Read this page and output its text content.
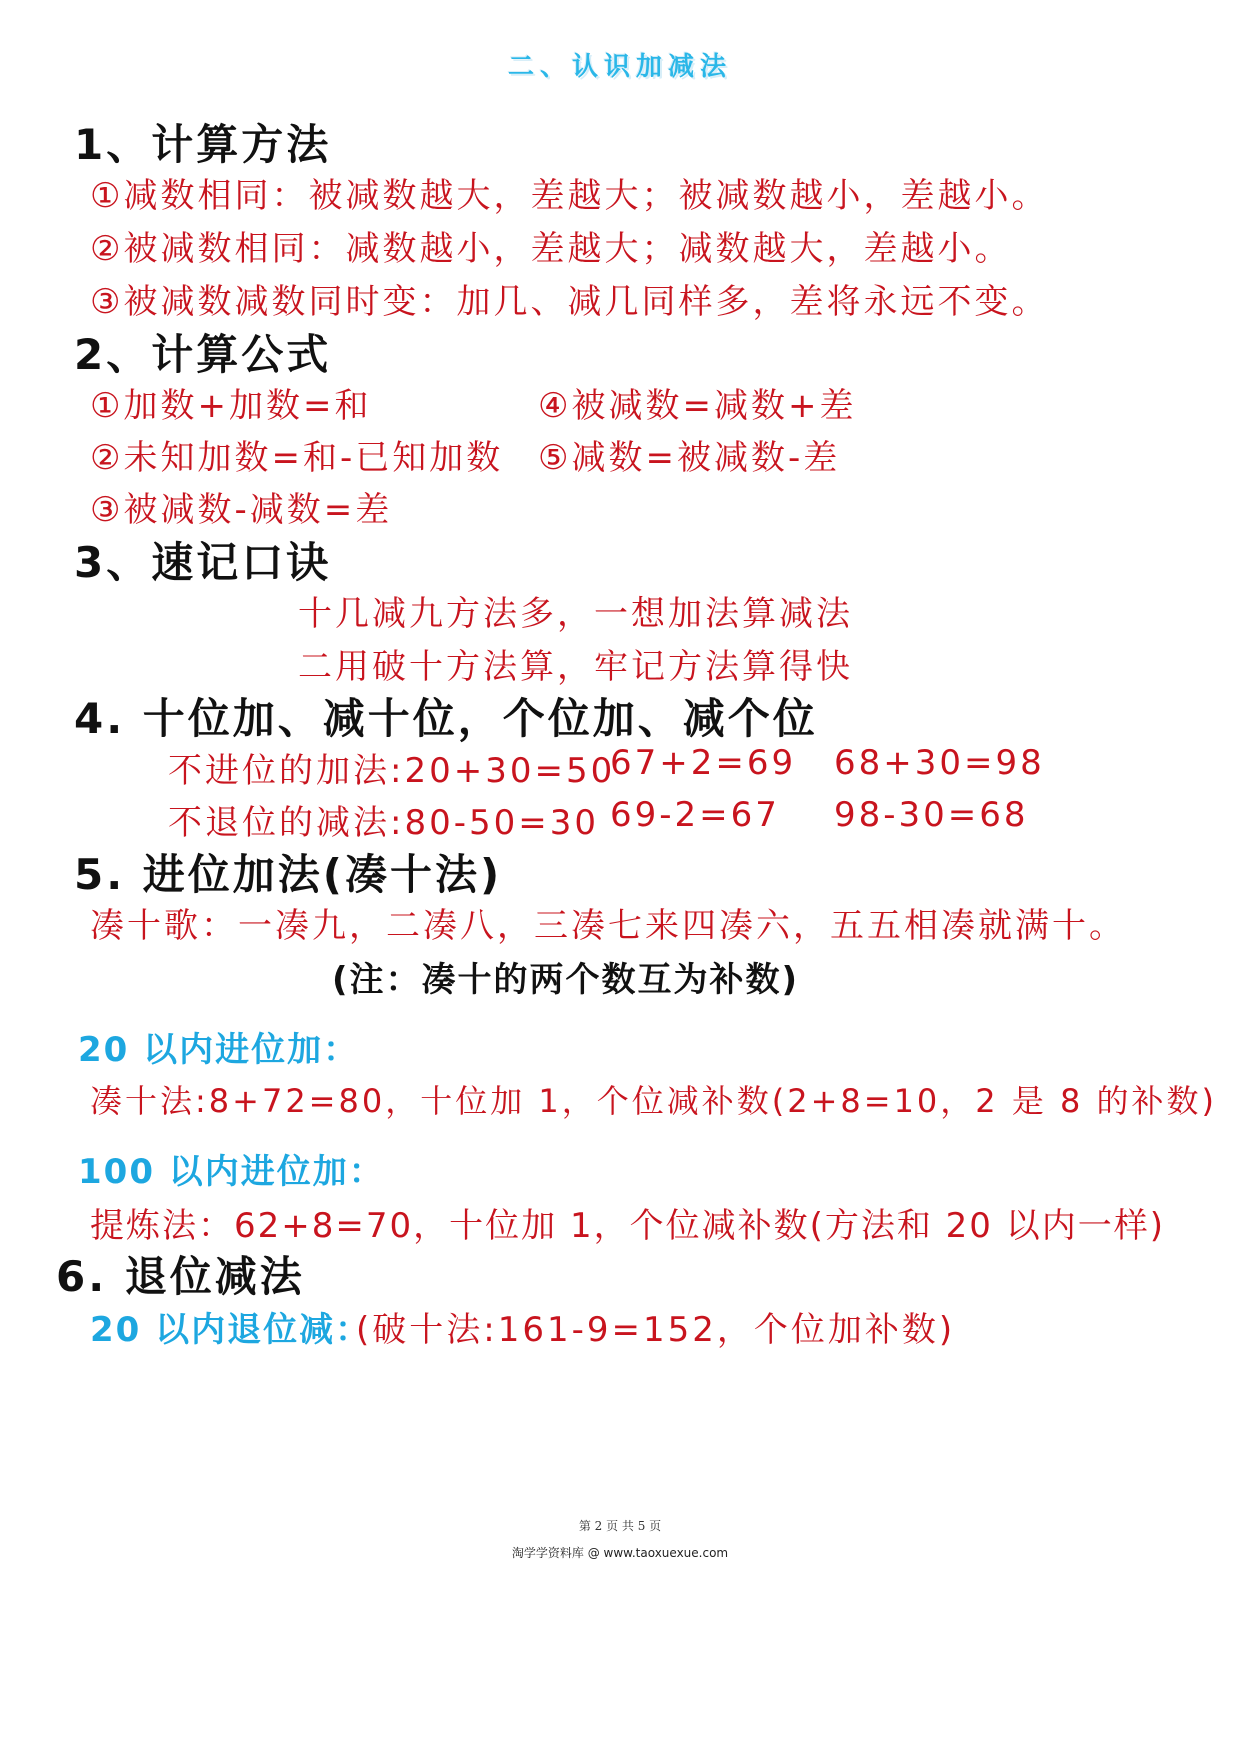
二、认识加减法
1、计算方法
①减数相同：被减数越大，差越大；被减数越小，差越小。
②被减数相同：减数越小，差越大；减数越大，差越小。
③被减数减数同时变：加几、减几同样多，差将永远不变。
2、计算公式
①加数+加数=和
②未知加数=和-已知加数
③被减数-减数=差
④被减数=减数+差
⑤减数=被减数-差
3、速记口诀
十几减九方法多，一想加法算减法
二用破十方法算，牢记方法算得快
4. 十位加、减十位，个位加、减个位
不进位的加法:20+30=50
67+2=69 68+30=98
不退位的减法:80-50=30 69-2=67 98-30=68
5. 进位加法(凑十法)
凑十歌：一凑九，二凑八，三凑七来四凑六，五五相凑就满十。
(注：凑十的两个数互为补数)
20 以内进位加：
凑十法:8+72=80，十位加 1，个位减补数(2+8=10，2 是 8 的补数)
100 以内进位加：
提炼法：62+8=70，十位加 1，个位减补数(方法和 20 以内一样)
6. 退位减法
20 以内退位减：
(破十法:161-9=152，个位加补数)
第 2 页 共 5 页
淘学学资料库 @ www.taoxuexue.com
